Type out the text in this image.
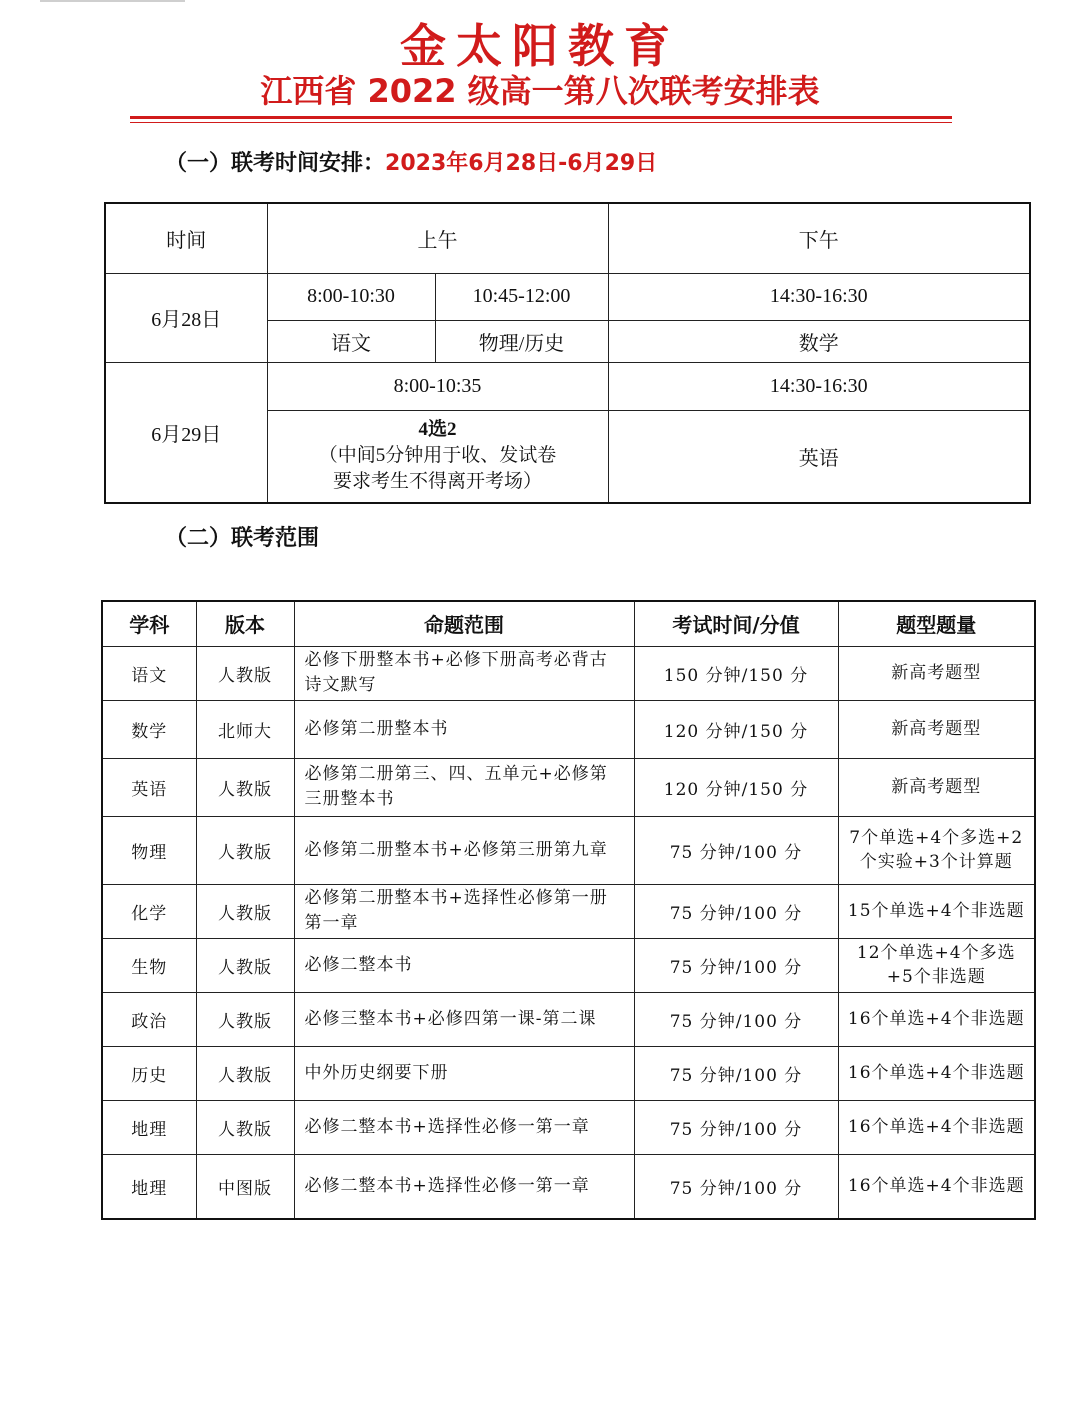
金太阳教育
江西省 2022 级高一第八次联考安排表
（一）联考时间安排：2023年6月28日-6月29日
时间	上午		下午
6月28日	8:00-10:30	10:45-12:00	14:30-16:30
	语文	物理/历史	数学
6月29日	8:00-10:35		14:30-16:30

	4选2
（中间5分钟用于收、发试卷
要求考生不得离开考场）		英语
（二）联考范围
学科	版本	命题范围	考试时间/分值	题型题量
语文	人教版	必修下册整本书+必修下册高考必背古诗文默写	150 分钟/150 分	新高考题型
数学	北师大	必修第二册整本书	120 分钟/150 分	新高考题型
英语	人教版	必修第二册第三、四、五单元+必修第三册整本书	120 分钟/150 分	新高考题型
物理	人教版	必修第二册整本书+必修第三册第九章	75 分钟/100 分	7个单选+4个多选+2个实验+3个计算题
化学	人教版	必修第二册整本书+选择性必修第一册第一章	75 分钟/100 分	15个单选+4个非选题
生物	人教版	必修二整本书	75 分钟/100 分	12个单选+4个多选+5个非选题
政治	人教版	必修三整本书+必修四第一课-第二课	75 分钟/100 分	16个单选+4个非选题
历史	人教版	中外历史纲要下册	75 分钟/100 分	16个单选+4个非选题
地理	人教版	必修二整本书+选择性必修一第一章	75 分钟/100 分	16个单选+4个非选题
地理	中图版	必修二整本书+选择性必修一第一章	75 分钟/100 分	16个单选+4个非选题
